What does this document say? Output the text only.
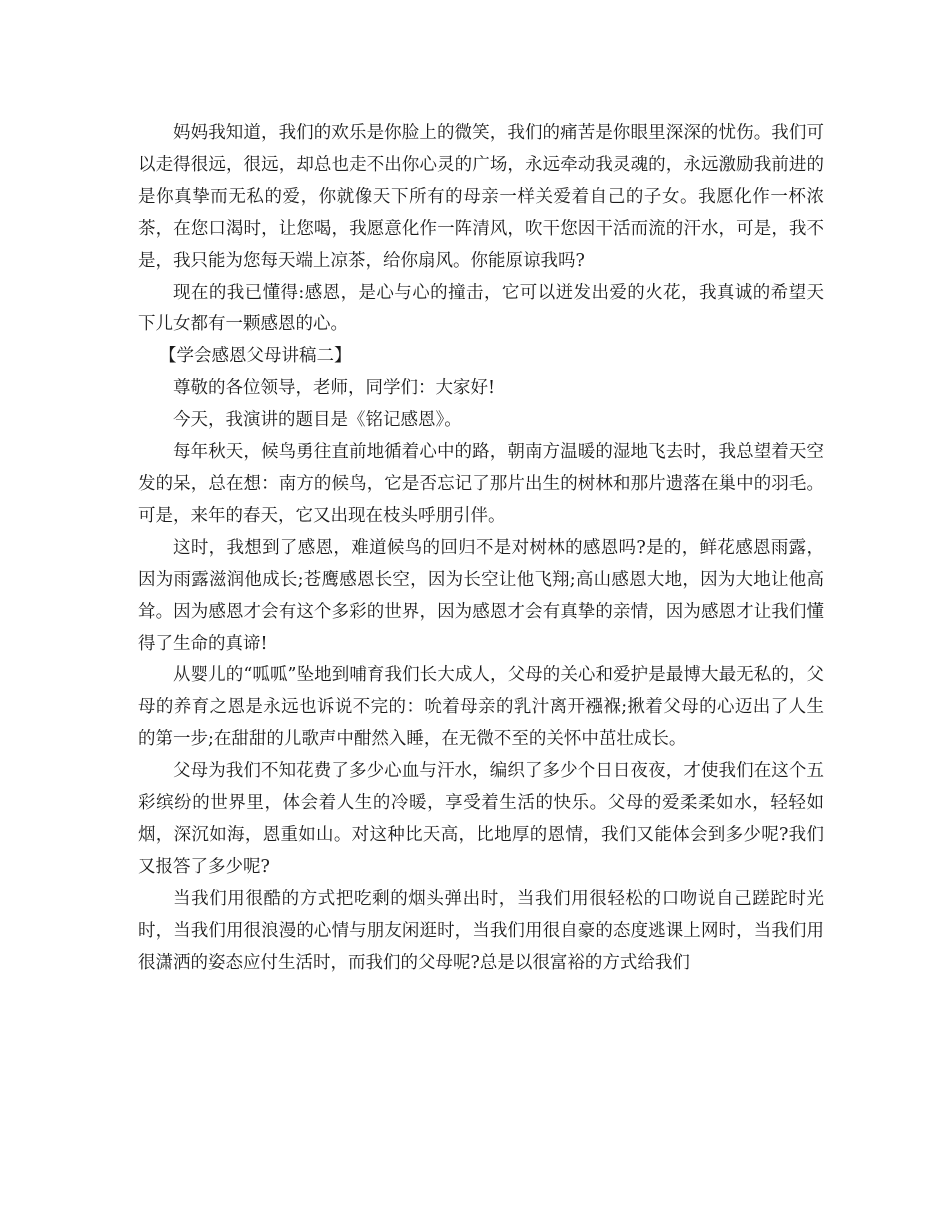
妈妈我知道，我们的欢乐是你脸上的微笑，我们的痛苦是你眼里深深的忧伤。我们可以走得很远，很远，却总也走不出你心灵的广场，永远牵动我灵魂的，永远激励我前进的是你真挚而无私的爱，你就像天下所有的母亲一样关爱着自己的子女。我愿化作一杯浓茶，在您口渴时，让您喝，我愿意化作一阵清风，吹干您因干活而流的汗水，可是，我不是，我只能为您每天端上凉茶，给你扇风。你能原谅我吗?

现在的我已懂得:感恩，是心与心的撞击，它可以迸发出爱的火花，我真诚的希望天下儿女都有一颗感恩的心。

【学会感恩父母讲稿二】

尊敬的各位领导，老师，同学们：大家好!

今天，我演讲的题目是《铭记感恩》。

每年秋天，候鸟勇往直前地循着心中的路，朝南方温暖的湿地飞去时，我总望着天空发的呆，总在想：南方的候鸟，它是否忘记了那片出生的树林和那片遗落在巢中的羽毛。可是，来年的春天，它又出现在枝头呼朋引伴。

这时，我想到了感恩，难道候鸟的回归不是对树林的感恩吗?是的，鲜花感恩雨露，因为雨露滋润他成长;苍鹰感恩长空，因为长空让他飞翔;高山感恩大地，因为大地让他高耸。因为感恩才会有这个多彩的世界，因为感恩才会有真挚的亲情，因为感恩才让我们懂得了生命的真谛!

从婴儿的“呱呱”坠地到哺育我们长大成人，父母的关心和爱护是最博大最无私的，父母的养育之恩是永远也诉说不完的：吮着母亲的乳汁离开襁褓;揪着父母的心迈出了人生的第一步;在甜甜的儿歌声中酣然入睡，在无微不至的关怀中茁壮成长。

父母为我们不知花费了多少心血与汗水，编织了多少个日日夜夜，才使我们在这个五彩缤纷的世界里，体会着人生的冷暖，享受着生活的快乐。父母的爱柔柔如水，轻轻如烟，深沉如海，恩重如山。对这种比天高，比地厚的恩情，我们又能体会到多少呢?我们又报答了多少呢?

当我们用很酷的方式把吃剩的烟头弹出时，当我们用很轻松的口吻说自己蹉跎时光时，当我们用很浪漫的心情与朋友闲逛时，当我们用很自豪的态度逃课上网时，当我们用很潇洒的姿态应付生活时，而我们的父母呢?总是以很富裕的方式给我们
